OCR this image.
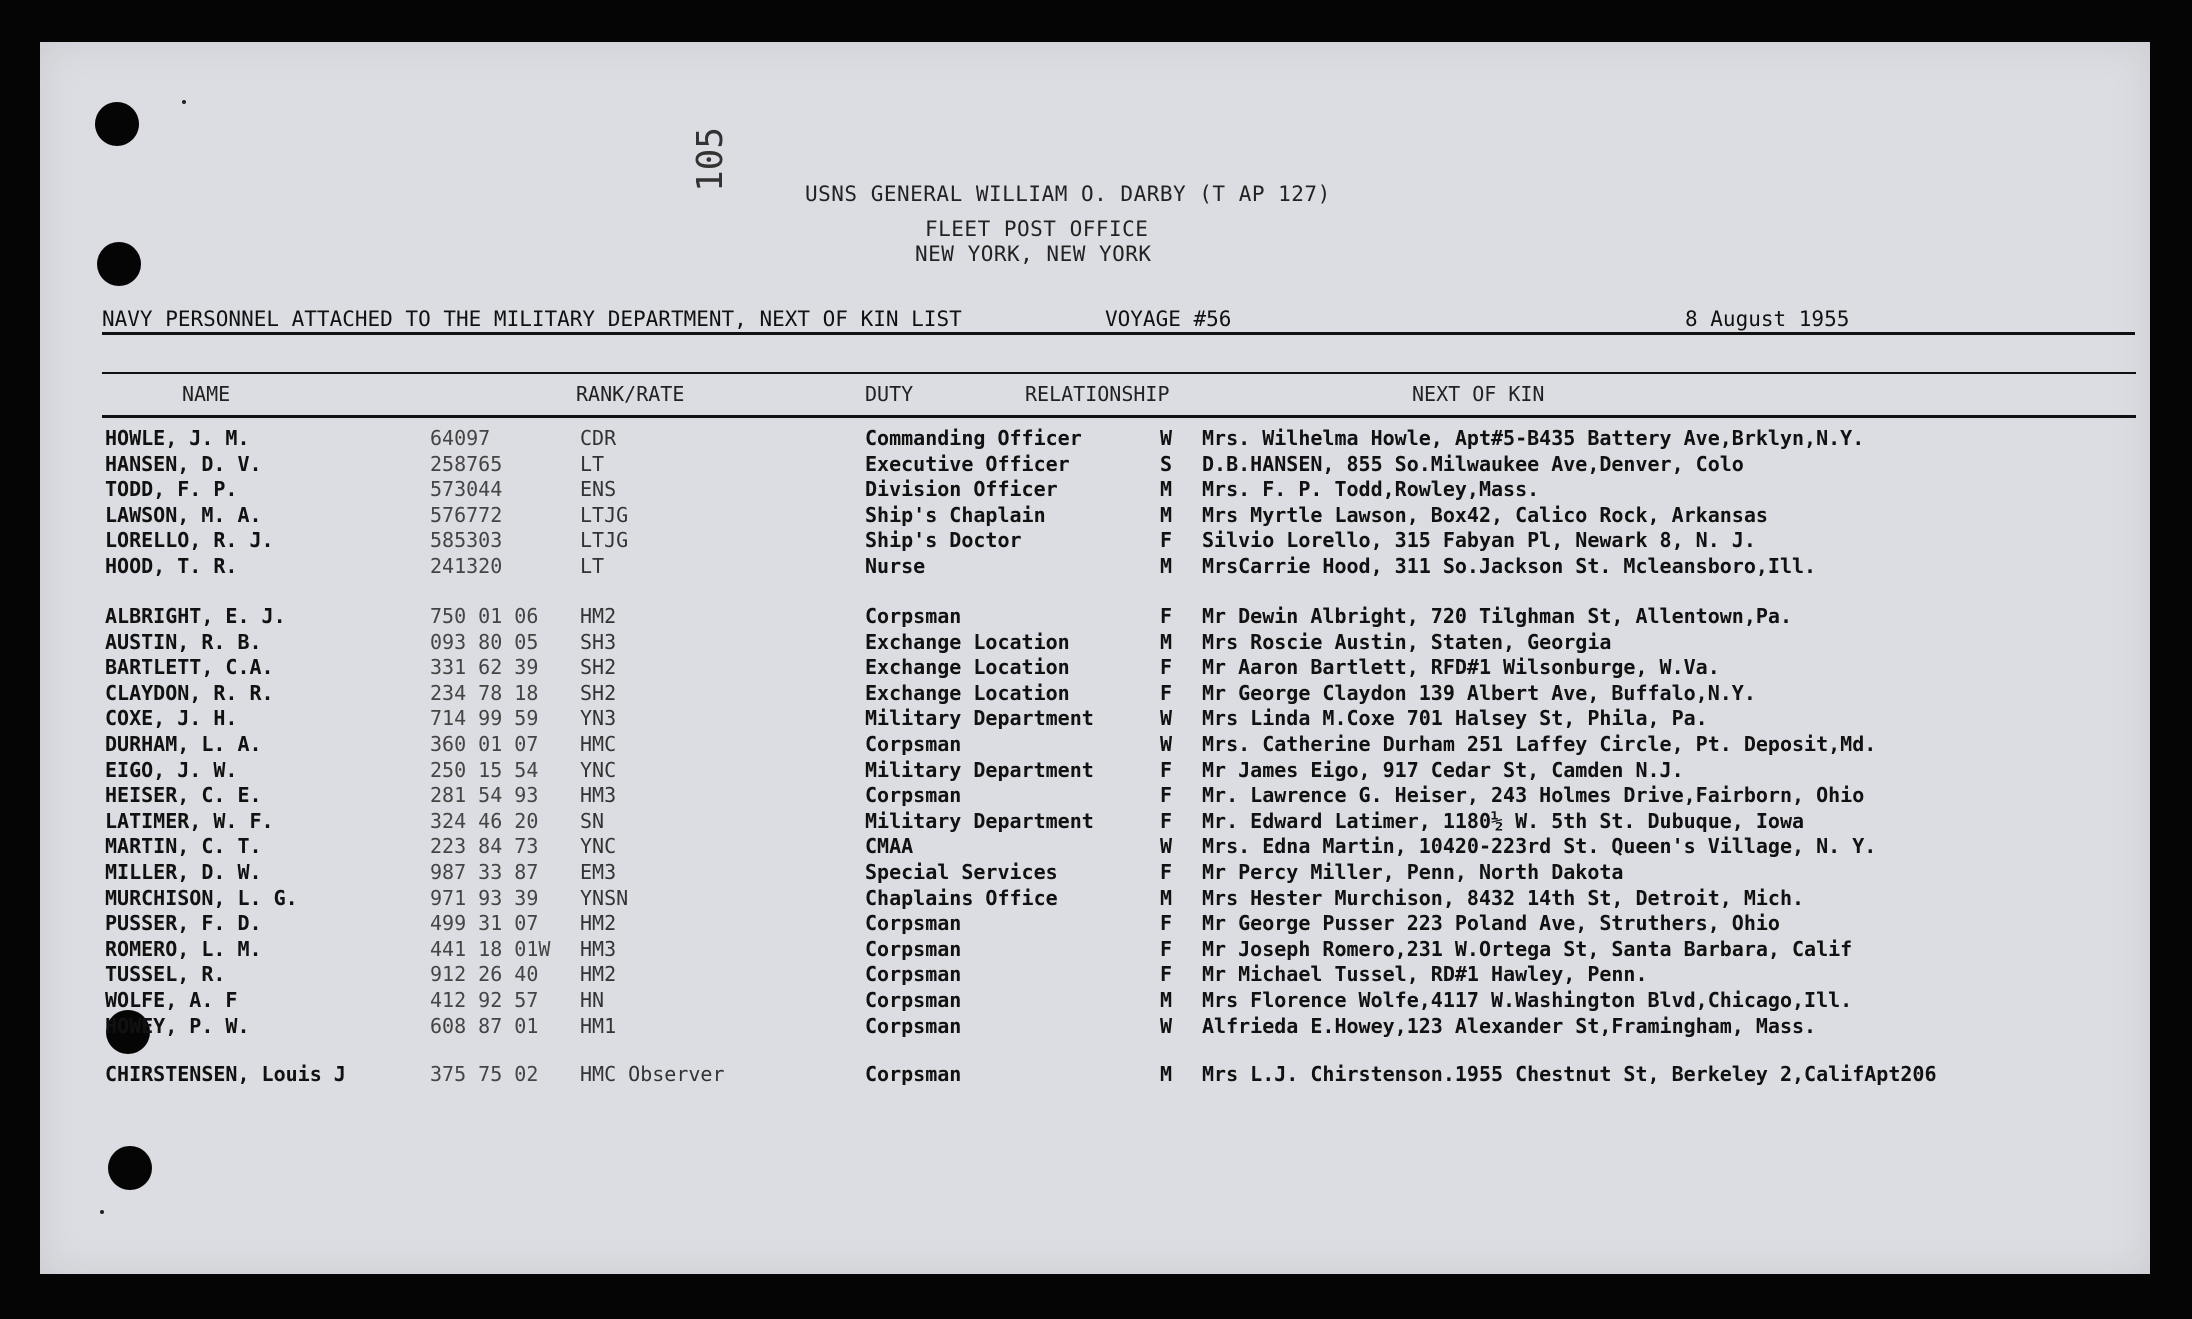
105
USNS GENERAL WILLIAM O. DARBY (T AP 127)
FLEET POST OFFICE
NEW YORK, NEW YORK
NAVY PERSONNEL ATTACHED TO THE MILITARY DEPARTMENT, NEXT OF KIN LIST	VOYAGE #56	8 August 1955
NAME	RANK/RATE	DUTY	RELATIONSHIP	NEXT OF KIN
HOWLE, J. M.	64097	CDR	Commanding Officer	W Mrs. Wilhelma Howle, Apt#5-B435 Battery Ave,Brklyn,N.Y.
HANSEN, D. V.	258765	LT	Executive Officer	S D.B.HANSEN, 855 So.Milwaukee Ave,Denver, Colo
TODD, F. P.	573044	ENS	Division Officer	M Mrs. F. P. Todd,Rowley,Mass.
LAWSON, M. A.	576772	LTJG	Ship's Chaplain	M Mrs Myrtle Lawson, Box42, Calico Rock, Arkansas
LORELLO, R. J.	585303	LTJG	Ship's Doctor	F Silvio Lorello, 315 Fabyan Pl, Newark 8, N. J.
HOOD, T. R.	241320	LT	Nurse	M MrsCarrie Hood, 311 So.Jackson St. Mcleansboro,Ill.
ALBRIGHT, E. J.	750 01 06 HM2	Corpsman	F Mr Dewin Albright, 720 Tilghman St, Allentown,Pa.
AUSTIN, R. B.	093 80 05 SH3	Exchange Location	M Mrs Roscie Austin, Staten, Georgia
BARTLETT, C.A.	331 62 39 SH2	Exchange Location	F Mr Aaron Bartlett, RFD#1 Wilsonburge, W.Va.
CLAYDON, R. R.	234 78 18 SH2	Exchange Location	F Mr George Claydon 139 Albert Ave, Buffalo,N.Y.
COXE, J. H.	714 99 59 YN3	Military Department	W Mrs Linda M.Coxe 701 Halsey St, Phila, Pa.
DURHAM, L. A.	360 01 07 HMC	Corpsman	W Mrs. Catherine Durham 251 Laffey Circle, Pt. Deposit,Md.
EIGO, J. W.	250 15 54 YNC	Military Department	F Mr James Eigo, 917 Cedar St, Camden N.J.
HEISER, C. E.	281 54 93 HM3	Corpsman	F Mr. Lawrence G. Heiser, 243 Holmes Drive,Fairborn, Ohio
LATIMER, W. F.	324 46 20 SN	Military Department	F Mr. Edward Latimer, 1180½ W. 5th St. Dubuque, Iowa
MARTIN, C. T.	223 84 73 YNC	CMAA	W Mrs. Edna Martin, 10420-223rd St. Queen's Village, N. Y.
MILLER, D. W.	987 33 87 EM3	Special Services	F Mr Percy Miller, Penn, North Dakota
MURCHISON, L. G.	971 93 39 YNSN	Chaplains Office	M Mrs Hester Murchison, 8432 14th St, Detroit, Mich.
PUSSER, F. D.	499 31 07 HM2	Corpsman	F Mr George Pusser 223 Poland Ave, Struthers, Ohio
ROMERO, L. M.	441 18 01W HM3	Corpsman	F Mr Joseph Romero,231 W.Ortega St, Santa Barbara, Calif
TUSSEL, R.	912 26 40 HM2	Corpsman	F Mr Michael Tussel, RD#1 Hawley, Penn.
WOLFE, A. F	412 92 57 HN	Corpsman	M Mrs Florence Wolfe,4117 W.Washington Blvd,Chicago,Ill.
HOWEY, P. W.	608 87 01 HM1	Corpsman	W Alfrieda E.Howey,123 Alexander St,Framingham, Mass.
CHIRSTENSEN, Louis J	375 75 02 HMC Observer	Corpsman	M Mrs L.J. Chirstenson.1955 Chestnut St, Berkeley 2,CalifApt206
